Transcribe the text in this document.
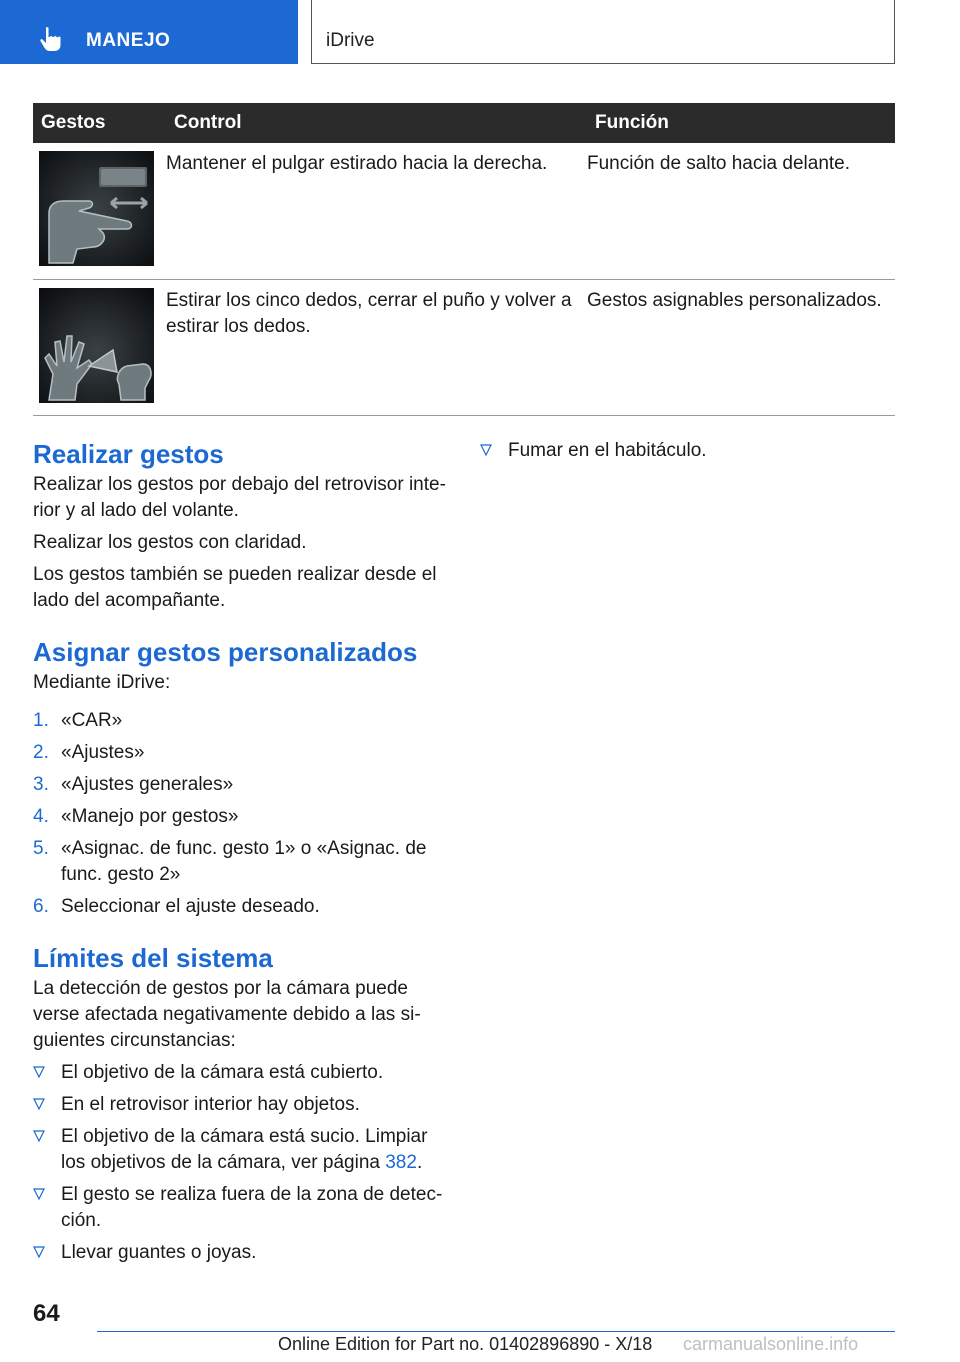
MANEJO	iDrive
Gestos	Control	Función

	Mantener el pulgar estirado hacia la derecha.	Función de salto hacia delante.

	Estirar los cinco dedos, cerrar el puño y volver a estirar los dedos.	Gestos asignables personalizados.
Realizar gestos

Realizar los gestos por debajo del retrovisor interior y al lado del volante.

Realizar los gestos con claridad.

Los gestos también se pueden realizar desde el lado del acompañante.

Asignar gestos personalizados

Mediante iDrive:

1. «CAR»
2. «Ajustes»
3. «Ajustes generales»
4. «Manejo por gestos»
5. «Asignac. de func. gesto 1» o «Asignac. de func. gesto 2»
6. Seleccionar el ajuste deseado.
Límites del sistema

La detección de gestos por la cámara puede verse afectada negativamente debido a las siguientes circunstancias:

El objetivo de la cámara está cubierto.
En el retrovisor interior hay objetos.
El objetivo de la cámara está sucio. Limpiar los objetivos de la cámara, ver página 382.
El gesto se realiza fuera de la zona de detección.
Llevar guantes o joyas.
Fumar en el habitáculo.
64
Online Edition for Part no. 01402896890 - X/18 carmanualsonline.info
